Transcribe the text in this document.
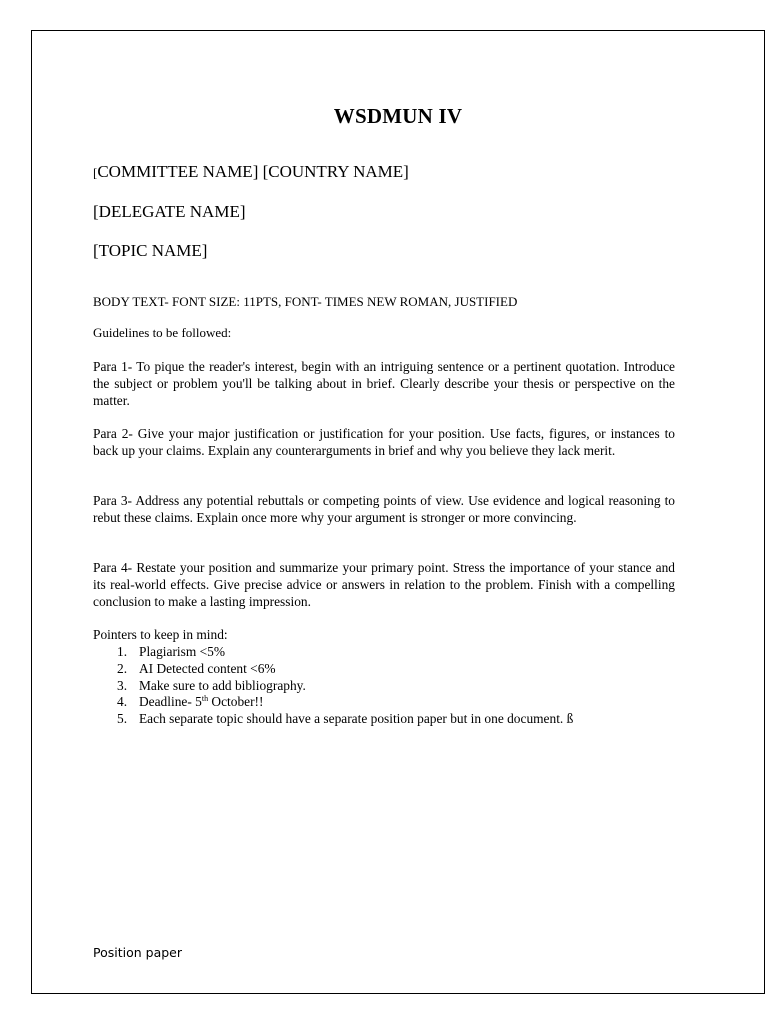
WSDMUN IV
[COMMITTEE NAME] [COUNTRY NAME]
[DELEGATE NAME]
[TOPIC NAME]
BODY TEXT- FONT SIZE: 11PTS, FONT- TIMES NEW ROMAN, JUSTIFIED
Guidelines to be followed:
Para 1- To pique the reader's interest, begin with an intriguing sentence or a pertinent quotation. Introduce the subject or problem you'll be talking about in brief. Clearly describe your thesis or perspective on the matter.
Para 2- Give your major justification or justification for your position. Use facts, figures, or instances to back up your claims. Explain any counterarguments in brief and why you believe they lack merit.
Para 3- Address any potential rebuttals or competing points of view. Use evidence and logical reasoning to rebut these claims. Explain once more why your argument is stronger or more convincing.
Para 4- Restate your position and summarize your primary point. Stress the importance of your stance and its real-world effects. Give precise advice or answers in relation to the problem. Finish with a compelling conclusion to make a lasting impression.
Pointers to keep in mind:
1. Plagiarism <5%
2. AI Detected content <6%
3. Make sure to add bibliography.
4. Deadline- 5th October!!
5. Each separate topic should have a separate position paper but in one document. ß
Position paper
